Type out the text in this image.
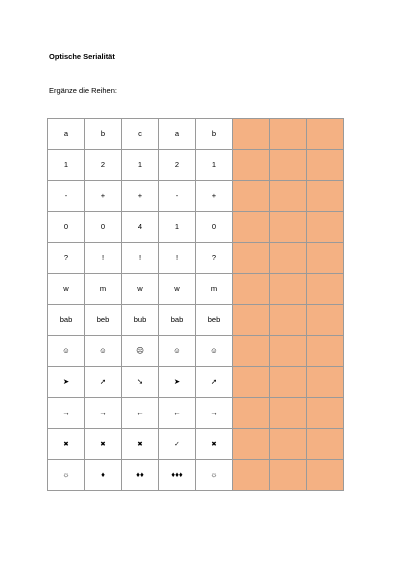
Optische Serialität
Ergänze die Reihen:
a	b	c	a	b			
1	2	1	2	1			
-	+	+	-	+			
0	0	4	1	0			
?	!	!	!	?			
w	m	w	w	m			
bab	beb	bub	bab	beb			
☺	☺	☹	☺	☺			
➤	➚	➘	➤	➚			
→	→	←	←	→			
✖	✖	✖	✓	✖			
☼	♦	♦♦	♦♦♦	☼			
